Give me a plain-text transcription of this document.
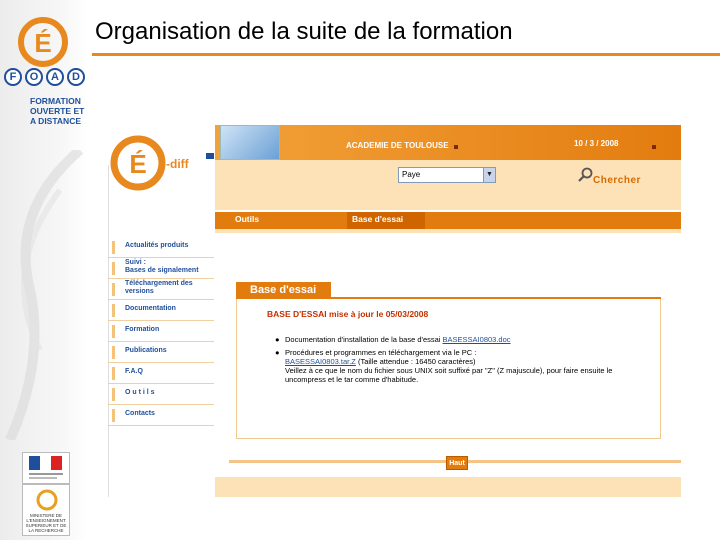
É
F	O	A	D
FORMATION
OUVERTE ET
A DISTANCE
MINISTERE DE
L'ENSEIGNEMENT
SUPERIEUR ET DE
LA RECHERCHE
Organisation de la suite de la formation
É -diff
ACADEMIE DE TOULOUSE	10 / 3 / 2008
Paye	▼
Chercher
Outils	Base d'essai
Actualités produits
Suivi :
Bases de signalement
Téléchargement des
versions
Documentation
Formation
Publications
F.A.Q
O u t i l s
Contacts
Base d'essai
BASE D'ESSAI mise à jour le 05/03/2008
● Documentation d'installation de la base d'essai BASESSAI0803.doc
● Procédures et programmes en téléchargement via le PC :
BASESSAI0803.tar.Z (Taille attendue : 16450 caractères)
Veillez à ce que le nom du fichier sous UNIX soit suffixé par "Z" (Z majuscule), pour faire ensuite le uncompress et le tar comme d'habitude.
Haut
